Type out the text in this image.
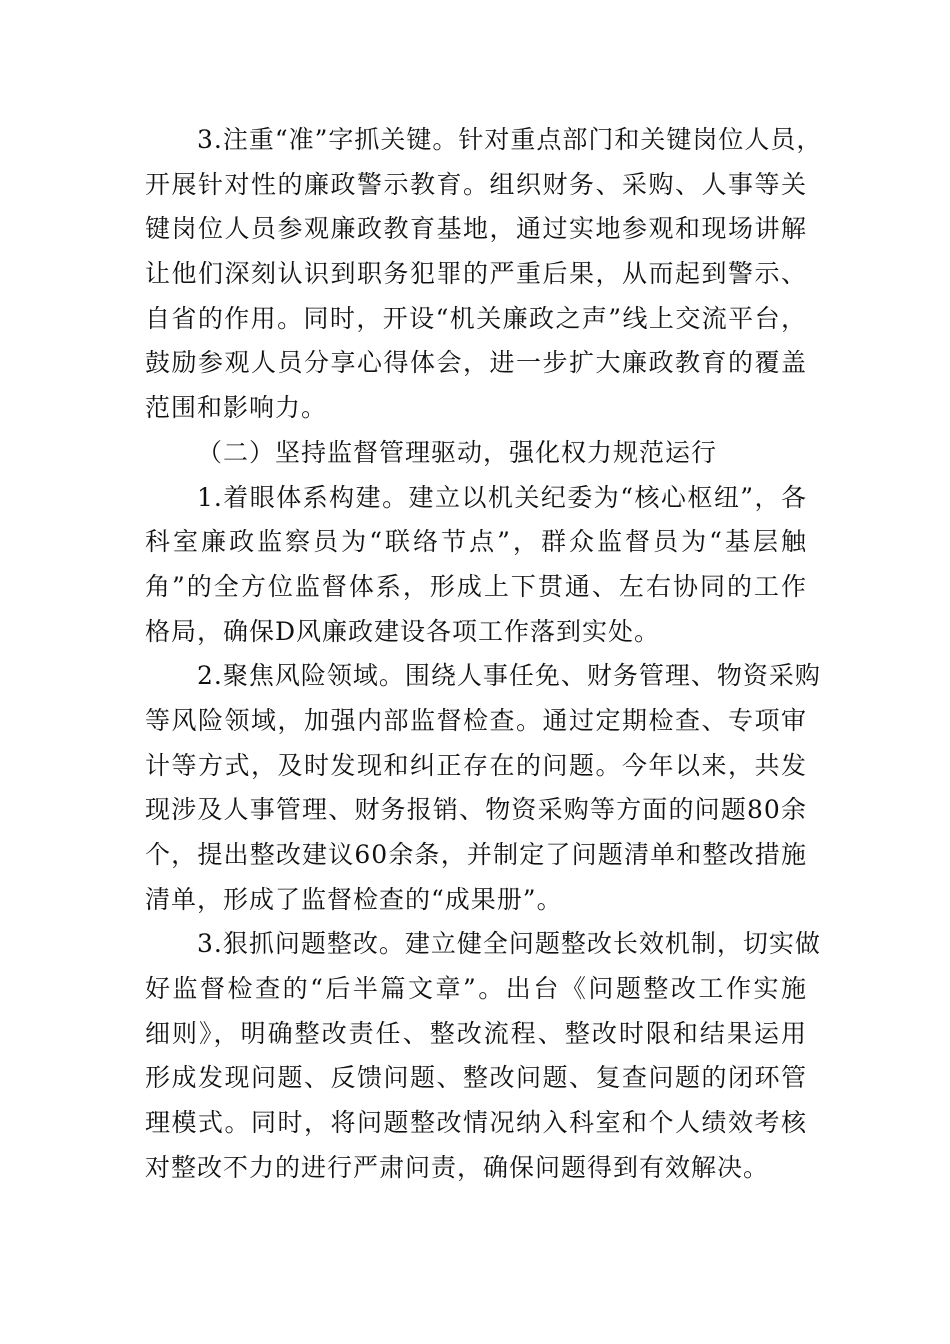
3.注重“准”字抓关键。针对重点部门和关键岗位人员，
开展针对性的廉政警示教育。组织财务、采购、人事等关
键岗位人员参观廉政教育基地，通过实地参观和现场讲解
让他们深刻认识到职务犯罪的严重后果，从而起到警示、
自省的作用。同时，开设“机关廉政之声”线上交流平台，
鼓励参观人员分享心得体会，进一步扩大廉政教育的覆盖
范围和影响力。
（二）坚持监督管理驱动，强化权力规范运行
1.着眼体系构建。建立以机关纪委为“核心枢纽”，各
科室廉政监察员为“联络节点”，群众监督员为“基层触
角”的全方位监督体系，形成上下贯通、左右协同的工作
格局，确保D风廉政建设各项工作落到实处。
2.聚焦风险领域。围绕人事任免、财务管理、物资采购
等风险领域，加强内部监督检查。通过定期检查、专项审
计等方式，及时发现和纠正存在的问题。今年以来，共发
现涉及人事管理、财务报销、物资采购等方面的问题80余
个，提出整改建议60余条，并制定了问题清单和整改措施
清单，形成了监督检查的“成果册”。
3.狠抓问题整改。建立健全问题整改长效机制，切实做
好监督检查的“后半篇文章”。出台《问题整改工作实施
细则》，明确整改责任、整改流程、整改时限和结果运用
形成发现问题、反馈问题、整改问题、复查问题的闭环管
理模式。同时，将问题整改情况纳入科室和个人绩效考核
对整改不力的进行严肃问责，确保问题得到有效解决。
